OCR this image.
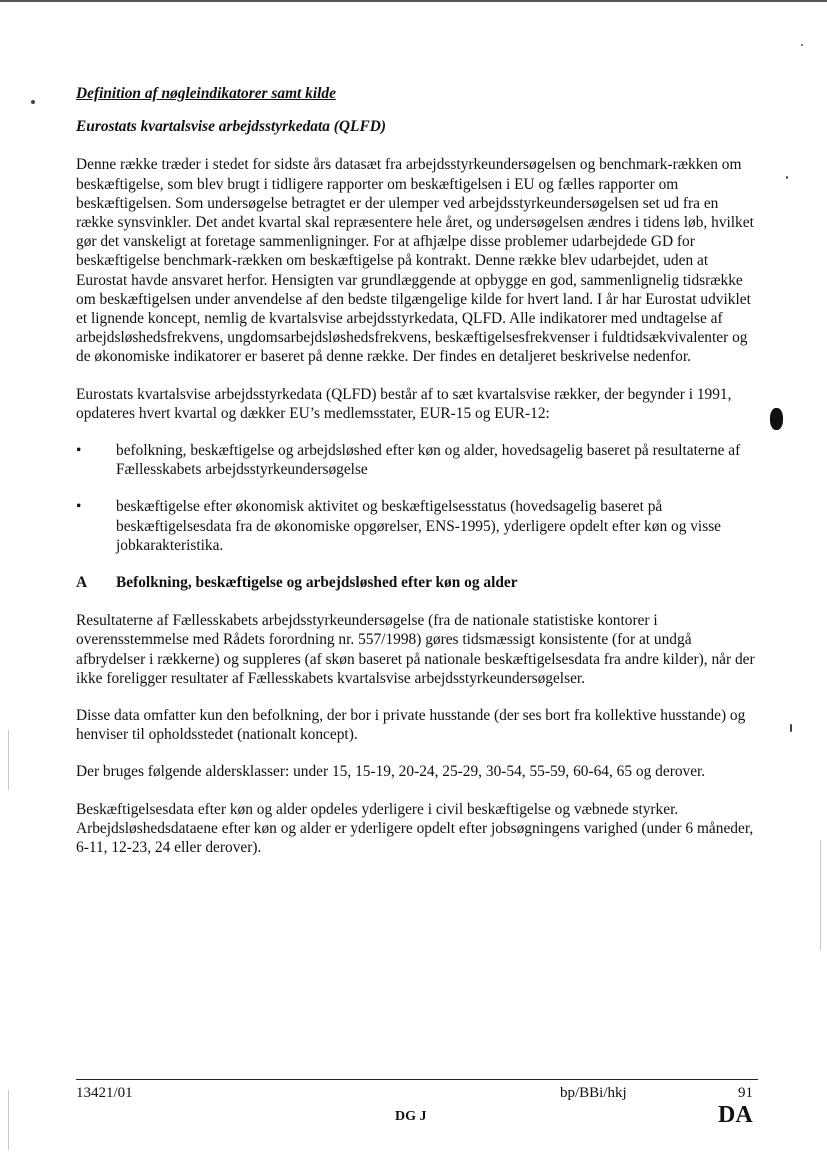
Definition af nøgleindikatorer samt kilde
Eurostats kvartalsvise arbejdsstyrkedata (QLFD)

Denne række træder i stedet for sidste års datasæt fra arbejdsstyrkeundersøgelsen og benchmark-rækken om beskæftigelse, som blev brugt i tidligere rapporter om beskæftigelsen i EU og fælles rapporter om beskæftigelsen. Som undersøgelse betragtet er der ulemper ved arbejdsstyrkeundersøgelsen set ud fra en række synsvinkler. Det andet kvartal skal repræsentere hele året, og undersøgelsen ændres i tidens løb, hvilket gør det vanskeligt at foretage sammenligninger. For at afhjælpe disse problemer udarbejdede GD for beskæftigelse benchmark-rækken om beskæftigelse på kontrakt. Denne række blev udarbejdet, uden at Eurostat havde ansvaret herfor. Hensigten var grundlæggende at opbygge en god, sammenlignelig tidsrække om beskæftigelsen under anvendelse af den bedste tilgængelige kilde for hvert land. I år har Eurostat udviklet et lignende koncept, nemlig de kvartalsvise arbejdsstyrkedata, QLFD. Alle indikatorer med undtagelse af arbejdsløshedsfrekvens, ungdomsarbejdsløshedsfrekvens, beskæftigelsesfrekvenser i fuldtidsækvivalenter og de økonomiske indikatorer er baseret på denne række. Der findes en detaljeret beskrivelse nedenfor.

Eurostats kvartalsvise arbejdsstyrkedata (QLFD) består af to sæt kvartalsvise rækker, der begynder i 1991, opdateres hvert kvartal og dækker EU’s medlemsstater, EUR-15 og EUR-12:

• befolkning, beskæftigelse og arbejdsløshed efter køn og alder, hovedsagelig baseret på resultaterne af Fællesskabets arbejdsstyrkeundersøgelse
• beskæftigelse efter økonomisk aktivitet og beskæftigelsesstatus (hovedsagelig baseret på beskæftigelsesdata fra de økonomiske opgørelser, ENS-1995), yderligere opdelt efter køn og visse jobkarakteristika.
A	Befolkning, beskæftigelse og arbejdsløshed efter køn og alder

Resultaterne af Fællesskabets arbejdsstyrkeundersøgelse (fra de nationale statistiske kontorer i overensstemmelse med Rådets forordning nr. 557/1998) gøres tidsmæssigt konsistente (for at undgå afbrydelser i rækkerne) og suppleres (af skøn baseret på nationale beskæftigelsesdata fra andre kilder), når der ikke foreligger resultater af Fællesskabets kvartalsvise arbejdsstyrkeundersøgelser.

Disse data omfatter kun den befolkning, der bor i private husstande (der ses bort fra kollektive husstande) og henviser til opholdsstedet (nationalt koncept).

Der bruges følgende aldersklasser: under 15, 15-19, 20-24, 25-29, 30-54, 55-59, 60-64, 65 og derover.

Beskæftigelsesdata efter køn og alder opdeles yderligere i civil beskæftigelse og væbnede styrker. Arbejdsløshedsdataene efter køn og alder er yderligere opdelt efter jobsøgningens varighed (under 6 måneder, 6-11, 12-23, 24 eller derover).

13421/01	bp/BBi/hkj	91
DG J	DA
